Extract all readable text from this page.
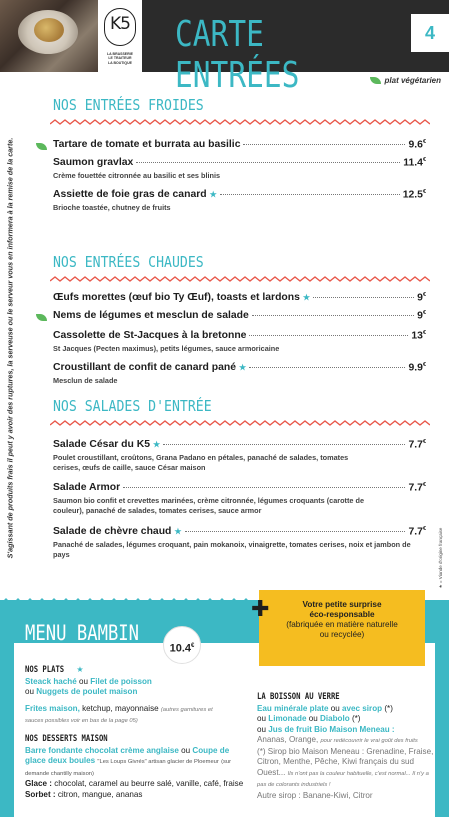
K5
LA BRASSERIE
LE TRAITEUR
LA BOUTIQUE
CARTE ENTRÉES
4
plat végétarien
S'agissant de produits frais il peut y avoir des ruptures, la serveuse ou le serveur vous en informera à la remise de la carte.	★ = Viande d'origine française
NOS ENTRÉES FROIDES
Tartare de tomate et burrata au basilic	9.6€
Saumon gravlax	11.4€
Crème fouettée citronnée au basilic et ses blinis
Assiette de foie gras de canard ★	12.5€
Brioche toastée, chutney de fruits
NOS ENTRÉES CHAUDES
Œufs morettes (œuf bio Ty Œuf), toasts et lardons ★	9€
Nems de légumes et mesclun de salade	9€
Cassolette de St-Jacques à la bretonne	13€
St Jacques (Pecten maximus), petits légumes, sauce armoricaine
Croustillant de confit de canard pané ★	9.9€
Mesclun de salade
NOS SALADES D'ENTRÉE
Salade César du K5 ★	7.7€
Poulet croustillant, croûtons, Grana Padano en pétales, panaché de salades, tomates cerises, œufs de caille, sauce César maison
Salade Armor	7.7€
Saumon bio confit et crevettes marinées, crème citronnée, légumes croquants (carotte de couleur), panaché de salades, tomates cerises, sauce armor
Salade de chèvre chaud ★	7.7€
Panaché de salades, légumes croquant, pain mokanoix, vinaigrette, tomates cerises, noix et jambon de pays
MENU BAMBIN
10.4€
Votre petite surprise
éco-responsable
(fabriquée en matière naturelle
ou recyclée)
✚
NOS PLATS ★
Steack haché ou Filet de poisson
ou Nuggets de poulet maison
Frites maison, ketchup, mayonnaise (autres garnitures et sauces possibles voir en bas de la page 05)
NOS DESSERTS MAISON
Barre fondante chocolat crème anglaise ou Coupe de glace deux boules "Les Loups Givrés" artisan glacier de Ploemeur (sur demande chantilly maison)
Glace : chocolat, caramel au beurre salé, vanille, café, fraise
Sorbet : citron, mangue, ananas
LA BOISSON AU VERRE
Eau minérale plate ou avec sirop (*)
ou Limonade ou Diabolo (*)
ou Jus de fruit Bio Maison Meneau :
Ananas, Orange, pour redécouvrir le vrai goût des fruits
(*) Sirop bio Maison Meneau : Grenadine, Fraise, Citron, Menthe, Pêche, Kiwi français du sud Ouest... Ils n'ont pas la couleur habituelle, c'est normal... Il n'y a pas de colorants industriels !
Autre sirop : Banane-Kiwi, Citror
